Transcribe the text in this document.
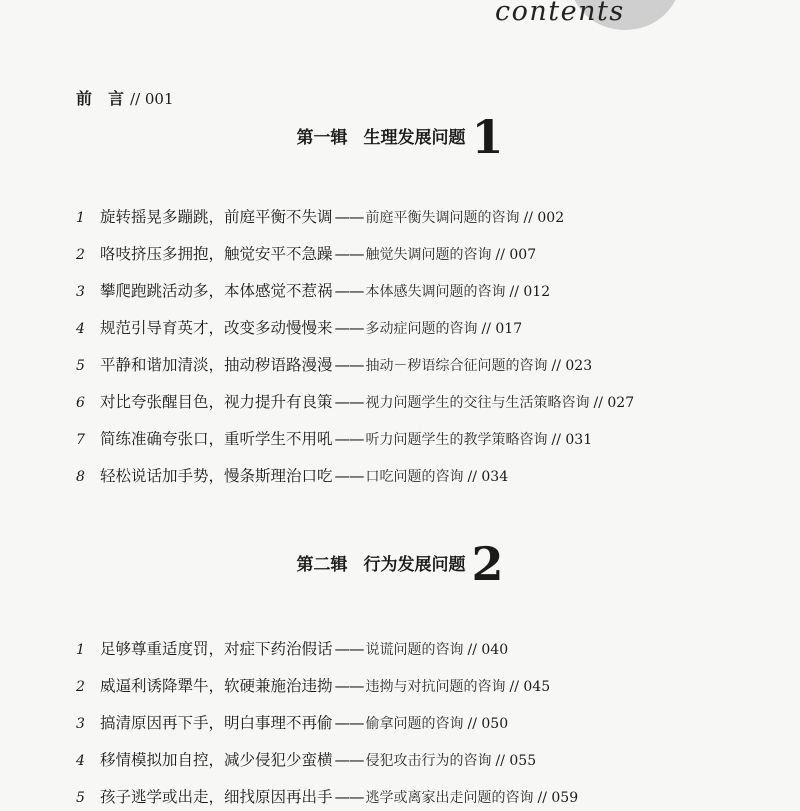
contents
前　言 // 001
第一辑 生理发展问题 1
1 旋转摇晃多蹦跳，前庭平衡不失调 —— 前庭平衡失调问题的咨询 // 002
2 咯吱挤压多拥抱，触觉安平不急躁 —— 触觉失调问题的咨询 // 007
3 攀爬跑跳活动多，本体感觉不惹祸 —— 本体感失调问题的咨询 // 012
4 规范引导育英才，改变多动慢慢来 —— 多动症问题的咨询 // 017
5 平静和谐加清淡，抽动秽语路漫漫 —— 抽动－秽语综合征问题的咨询 // 023
6 对比夸张醒目色，视力提升有良策 —— 视力问题学生的交往与生活策略咨询 // 027
7 简练准确夸张口，重听学生不用吼 —— 听力问题学生的教学策略咨询 // 031
8 轻松说话加手势，慢条斯理治口吃 —— 口吃问题的咨询 // 034
第二辑 行为发展问题 2
1 足够尊重适度罚，对症下药治假话 —— 说谎问题的咨询 // 040
2 威逼利诱降犟牛，软硬兼施治违拗 —— 违拗与对抗问题的咨询 // 045
3 搞清原因再下手，明白事理不再偷 —— 偷拿问题的咨询 // 050
4 移情模拟加自控，减少侵犯少蛮横 —— 侵犯攻击行为的咨询 // 055
5 孩子逃学或出走，细找原因再出手 —— 逃学或离家出走问题的咨询 // 059
